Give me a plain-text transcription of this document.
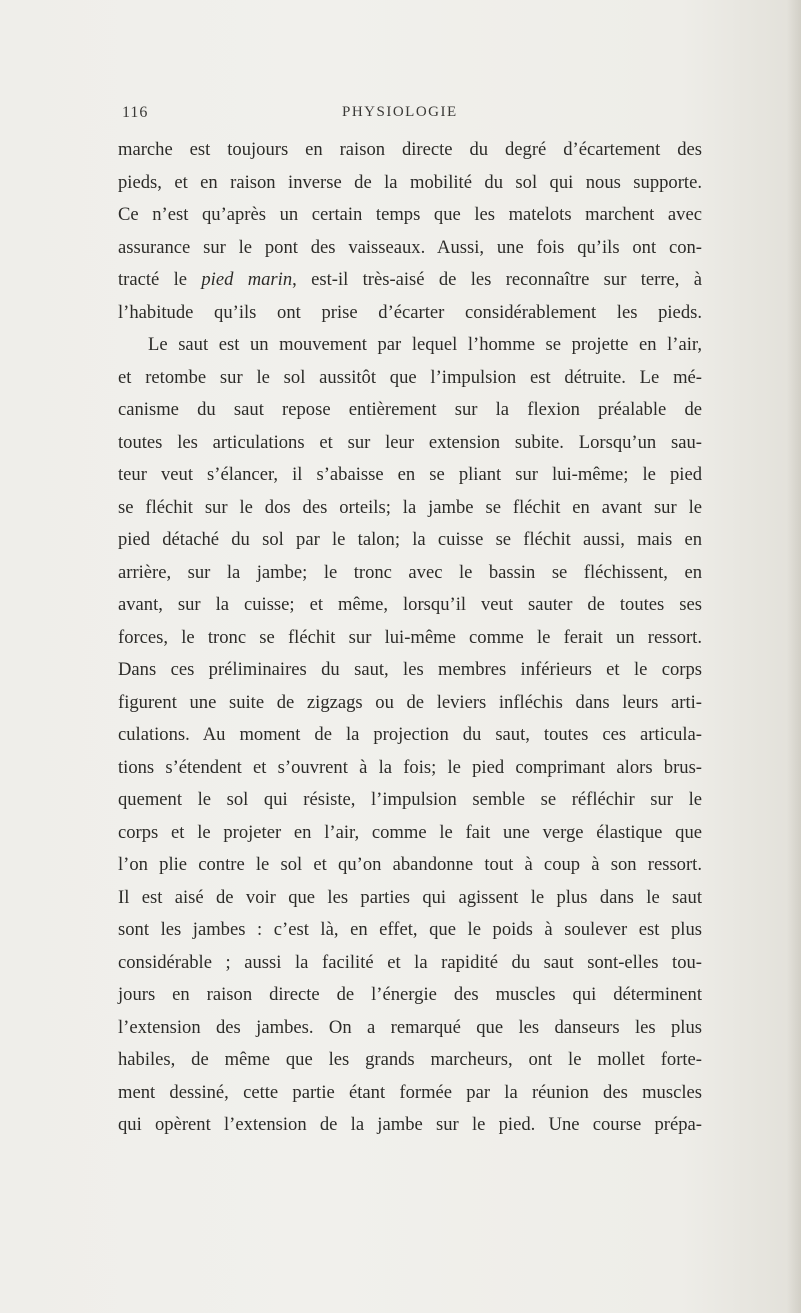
116	PHYSIOLOGIE
marche est toujours en raison directe du degré d’écartement des
pieds, et en raison inverse de la mobilité du sol qui nous supporte.
Ce n’est qu’après un certain temps que les matelots marchent avec
assurance sur le pont des vaisseaux. Aussi, une fois qu’ils ont con-
tracté le pied marin, est-il très-aisé de les reconnaître sur terre, à
l’habitude qu’ils ont prise d’écarter considérablement les pieds.
Le saut est un mouvement par lequel l’homme se projette en l’air,
et retombe sur le sol aussitôt que l’impulsion est détruite. Le mé-
canisme du saut repose entièrement sur la flexion préalable de
toutes les articulations et sur leur extension subite. Lorsqu’un sau-
teur veut s’élancer, il s’abaisse en se pliant sur lui-même; le pied
se fléchit sur le dos des orteils; la jambe se fléchit en avant sur le
pied détaché du sol par le talon; la cuisse se fléchit aussi, mais en
arrière, sur la jambe; le tronc avec le bassin se fléchissent, en
avant, sur la cuisse; et même, lorsqu’il veut sauter de toutes ses
forces, le tronc se fléchit sur lui-même comme le ferait un ressort.
Dans ces préliminaires du saut, les membres inférieurs et le corps
figurent une suite de zigzags ou de leviers infléchis dans leurs arti-
culations. Au moment de la projection du saut, toutes ces articula-
tions s’étendent et s’ouvrent à la fois; le pied comprimant alors brus-
quement le sol qui résiste, l’impulsion semble se réfléchir sur le
corps et le projeter en l’air, comme le fait une verge élastique que
l’on plie contre le sol et qu’on abandonne tout à coup à son ressort.
Il est aisé de voir que les parties qui agissent le plus dans le saut
sont les jambes : c’est là, en effet, que le poids à soulever est plus
considérable ; aussi la facilité et la rapidité du saut sont-elles tou-
jours en raison directe de l’énergie des muscles qui déterminent
l’extension des jambes. On a remarqué que les danseurs les plus
habiles, de même que les grands marcheurs, ont le mollet forte-
ment dessiné, cette partie étant formée par la réunion des muscles
qui opèrent l’extension de la jambe sur le pied. Une course prépa-
